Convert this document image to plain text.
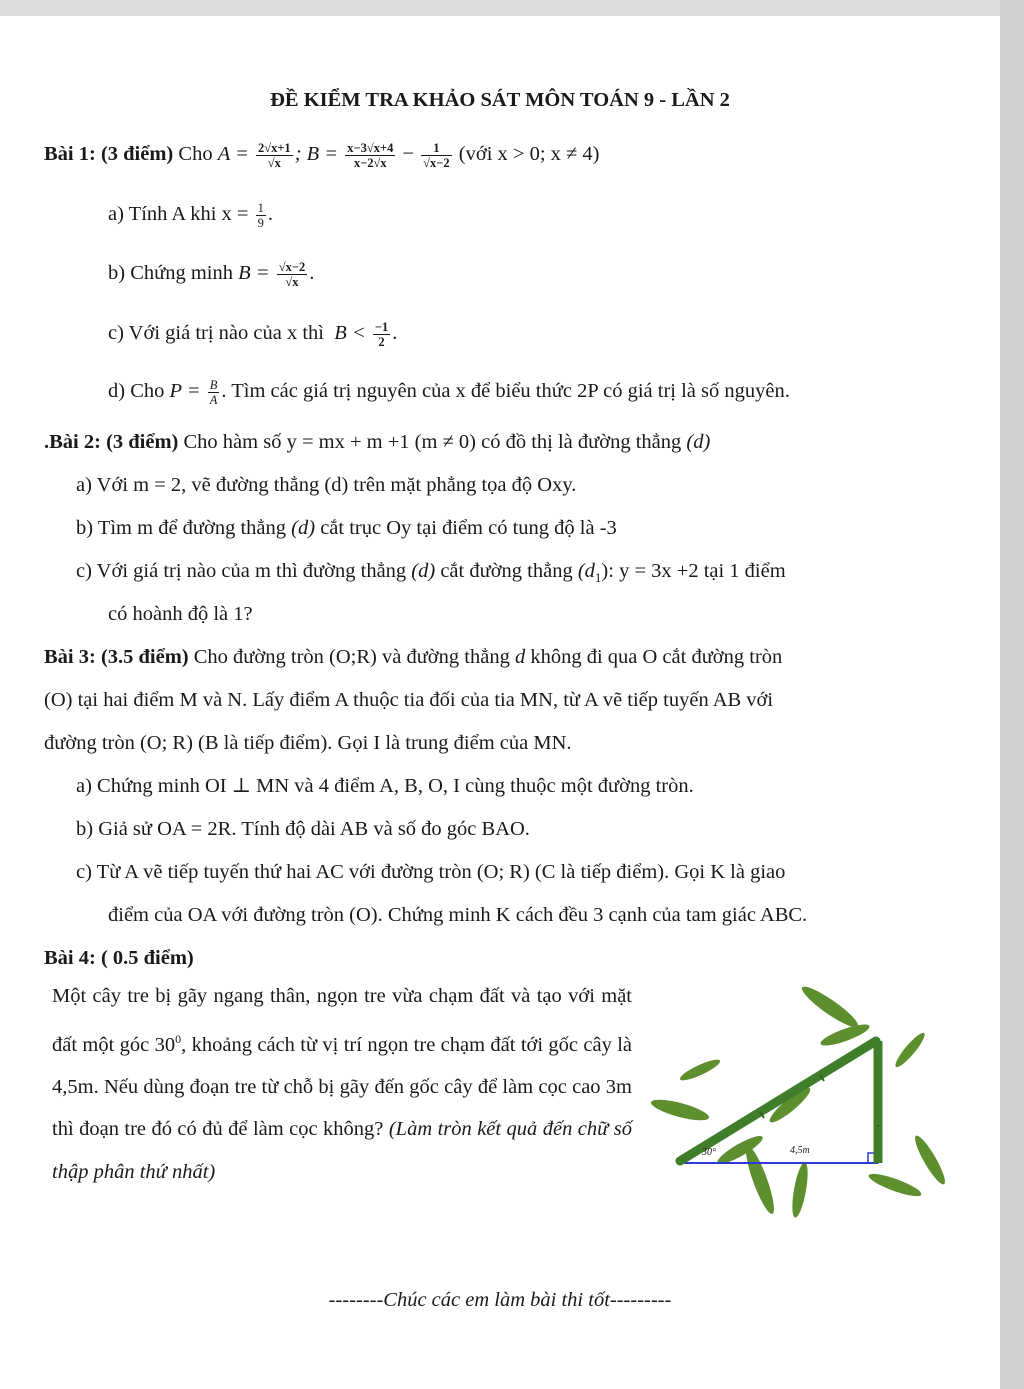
ĐỀ KIỂM TRA KHẢO SÁT MÔN TOÁN 9 - LẦN 2
Bài 1: (3 điểm) Cho $A = \frac{2√x+1}{√x}$ ; $B = \frac{x-3√x+4}{x-2√x} - \frac{1}{√x-2}$ (với x > 0; x ≠ 4)
a) Tính A khi $x = \frac{1}{9}$ .
b) Chứng minh $B = \frac{√x-2}{√x}$ .
c) Với giá trị nào của x thì  $B < \frac{-1}{2}$ .
d) Cho $P = \frac{B}{A}$ . Tìm các giá trị nguyên của x để biểu thức 2P có giá trị là số nguyên.
.Bài 2: (3 điểm) Cho hàm số y = mx + m +1 (m ≠ 0) có đồ thị là đường thẳng (d)
a) Với m = 2, vẽ đường thẳng (d) trên mặt phẳng tọa độ Oxy.
b) Tìm m để đường thẳng (d) cắt trục Oy tại điểm có tung độ là -3
c) Với giá trị nào của m thì đường thẳng (d) cắt đường thẳng $(d_1)$: y = 3x +2 tại 1 điểm
có hoành độ là 1?
Bài 3: (3.5 điểm) Cho đường tròn (O;R) và đường thẳng d không đi qua O cắt đường tròn
(O) tại hai điểm M và N. Lấy điểm A thuộc tia đối của tia MN, từ A vẽ tiếp tuyến AB với
đường tròn (O; R) (B là tiếp điểm). Gọi I là trung điểm của MN.
a) Chứng minh OI ⊥ MN và 4 điểm A, B, O, I cùng thuộc một đường tròn.
b) Giả sử OA = 2R. Tính độ dài AB và số đo góc BAO.
c) Từ A vẽ tiếp tuyến thứ hai AC với đường tròn (O; R) (C là tiếp điểm). Gọi K là giao
điểm của OA với đường tròn (O). Chứng minh K cách đều 3 cạnh của tam giác ABC.
Bài 4: ( 0.5 điểm)
Một cây tre bị gãy ngang thân, ngọn tre vừa chạm đất và tạo với mặt đất một góc $30^0$, khoảng cách từ vị trí ngọn tre chạm đất tới gốc cây là 4,5m. Nếu dùng đoạn tre từ chỗ bị gãy đến gốc cây để làm cọc cao 3m thì đoạn tre đó có đủ để làm cọc không? (Làm tròn kết quả đến chữ số thập phân thứ nhất)
30°	4,5m
--------Chúc các em làm bài thi tốt---------
